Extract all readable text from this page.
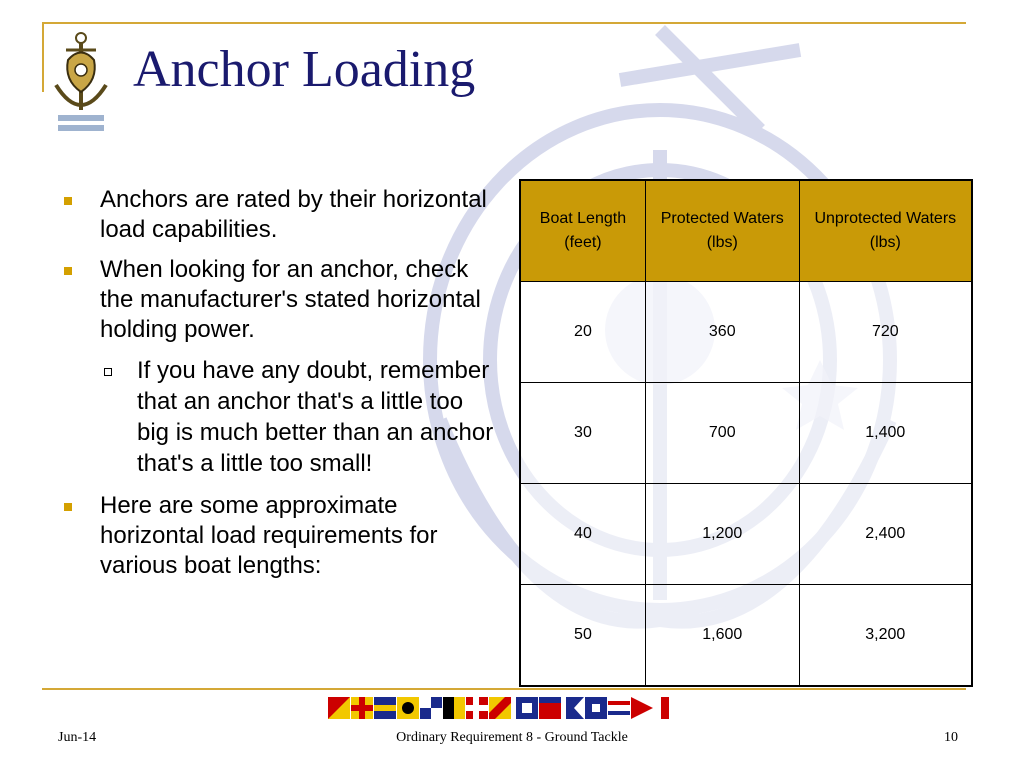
Anchor Loading
Anchors are rated by their horizontal load capabilities.
When looking for an anchor, check the manufacturer's stated horizontal holding power.
If you have any doubt, remember that an anchor that's a little too big is much better than an anchor that's a little too small!
Here are some approximate horizontal load requirements for various boat lengths:
Boat Length (feet)	Protected Waters (lbs)	Unprotected Waters (lbs)
20	360	720
30	700	1,400
40	1,200	2,400
50	1,600	3,200
Jun-14	Ordinary Requirement 8 - Ground Tackle	10
